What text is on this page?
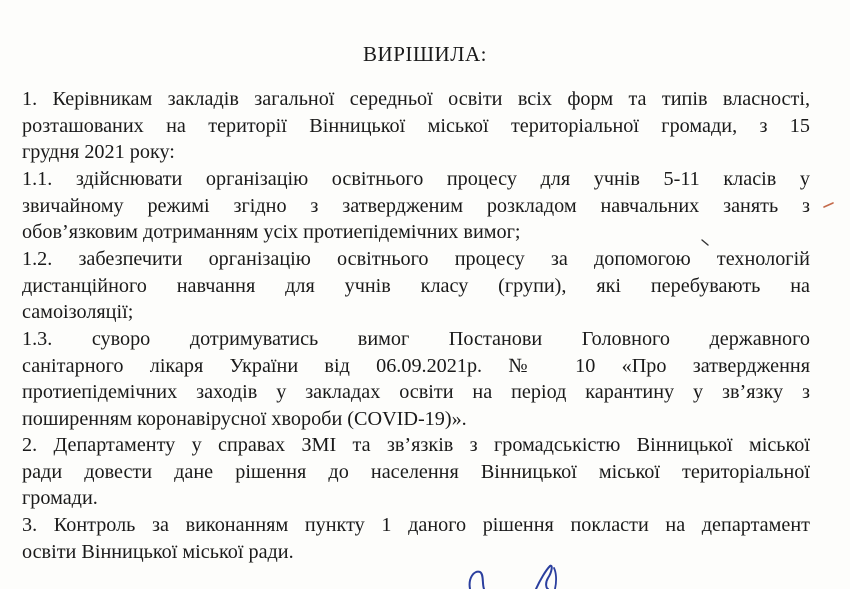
ВИРІШИЛА:
1. Керівникам закладів загальної середньої освіти всіх форм та типів власності,
розташованих на території Вінницької міської територіальної громади, з 15
грудня 2021 року:
1.1. здійснювати організацію освітнього процесу для учнів 5-11 класів у
звичайному режимі згідно з затвердженим розкладом навчальних занять з
обов’язковим дотриманням усіх протиепідемічних вимог;
1.2. забезпечити організацію освітнього процесу за допомогою технологій
дистанційного навчання для учнів класу (групи), які перебувають на
самоізоляції;
1.3. суворо дотримуватись вимог Постанови Головного державного
санітарного лікаря України від 06.09.2021р. № 10 «Про затвердження
протиепідемічних заходів у закладах освіти на період карантину у зв’язку з
поширенням коронавірусної хвороби (COVID-19)».
2. Департаменту у справах ЗМІ та зв’язків з громадськістю Вінницької міської
ради довести дане рішення до населення Вінницької міської територіальної
громади.
3. Контроль за виконанням пункту 1 даного рішення покласти на департамент
освіти Вінницької міської ради.
